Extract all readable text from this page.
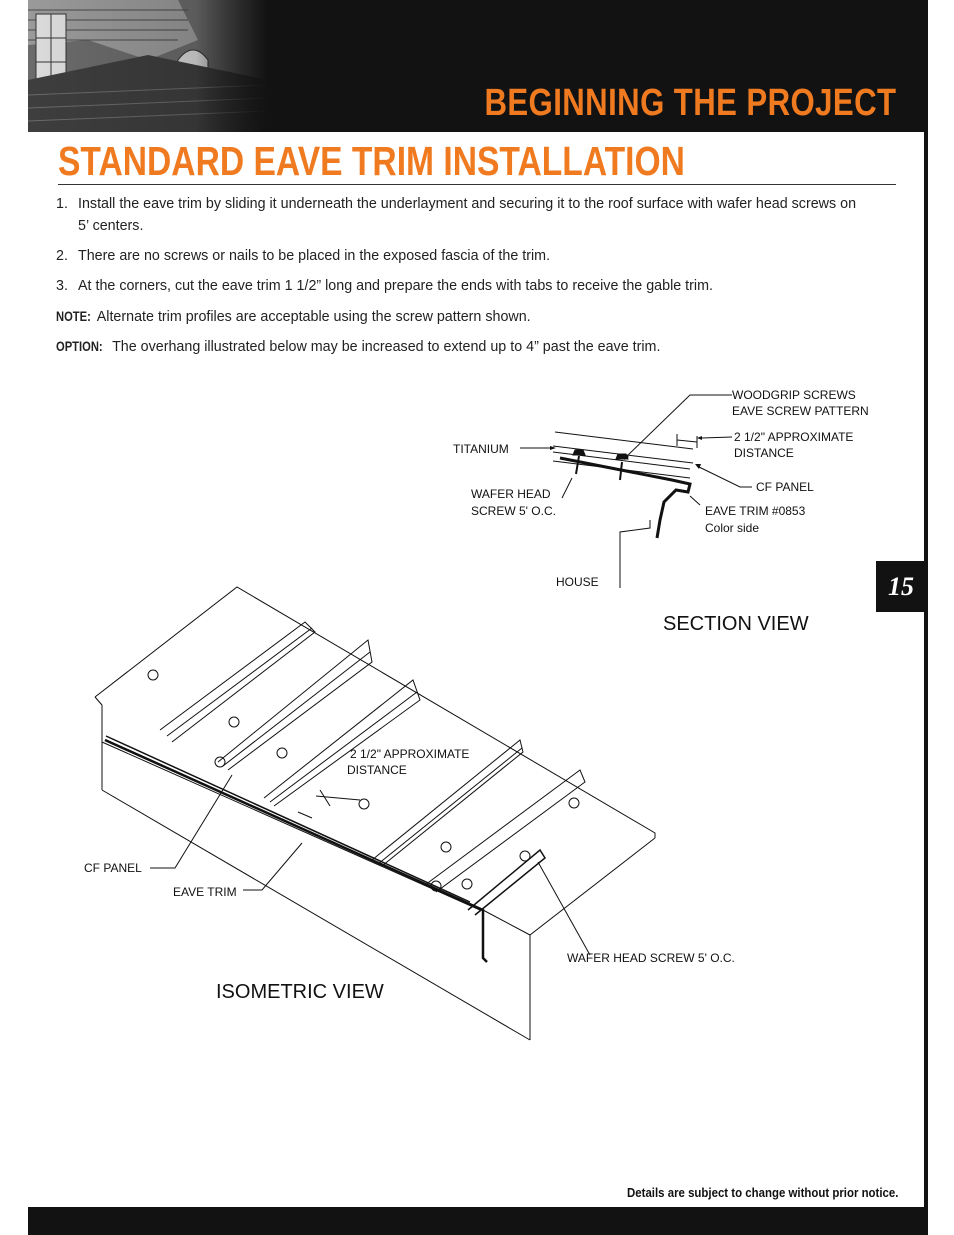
BEGINNING THE PROJECT
STANDARD EAVE TRIM INSTALLATION
1. Install the eave trim by sliding it underneath the underlayment and securing it to the roof surface with wafer head screws on 5’ centers.
2. There are no screws or nails to be placed in the exposed fascia of the trim.
3. At the corners, cut the eave trim 1 1/2” long and prepare the ends with tabs to receive the gable trim.
NOTE: Alternate trim profiles are acceptable using the screw pattern shown.
OPTION: The overhang illustrated below may be increased to extend up to 4” past the eave trim.
WOODGRIP SCREWS
EAVE SCREW PATTERN
2 1/2" APPROXIMATE
DISTANCE
TITANIUM
CF PANEL
WAFER HEAD
SCREW 5' O.C.	EAVE TRIM #0853
Color side
HOUSE
SECTION VIEW
2 1/2" APPROXIMATE
DISTANCE
CF PANEL
EAVE TRIM
WAFER HEAD SCREW 5' O.C.
ISOMETRIC VIEW
15
Details are subject to change without prior notice.
